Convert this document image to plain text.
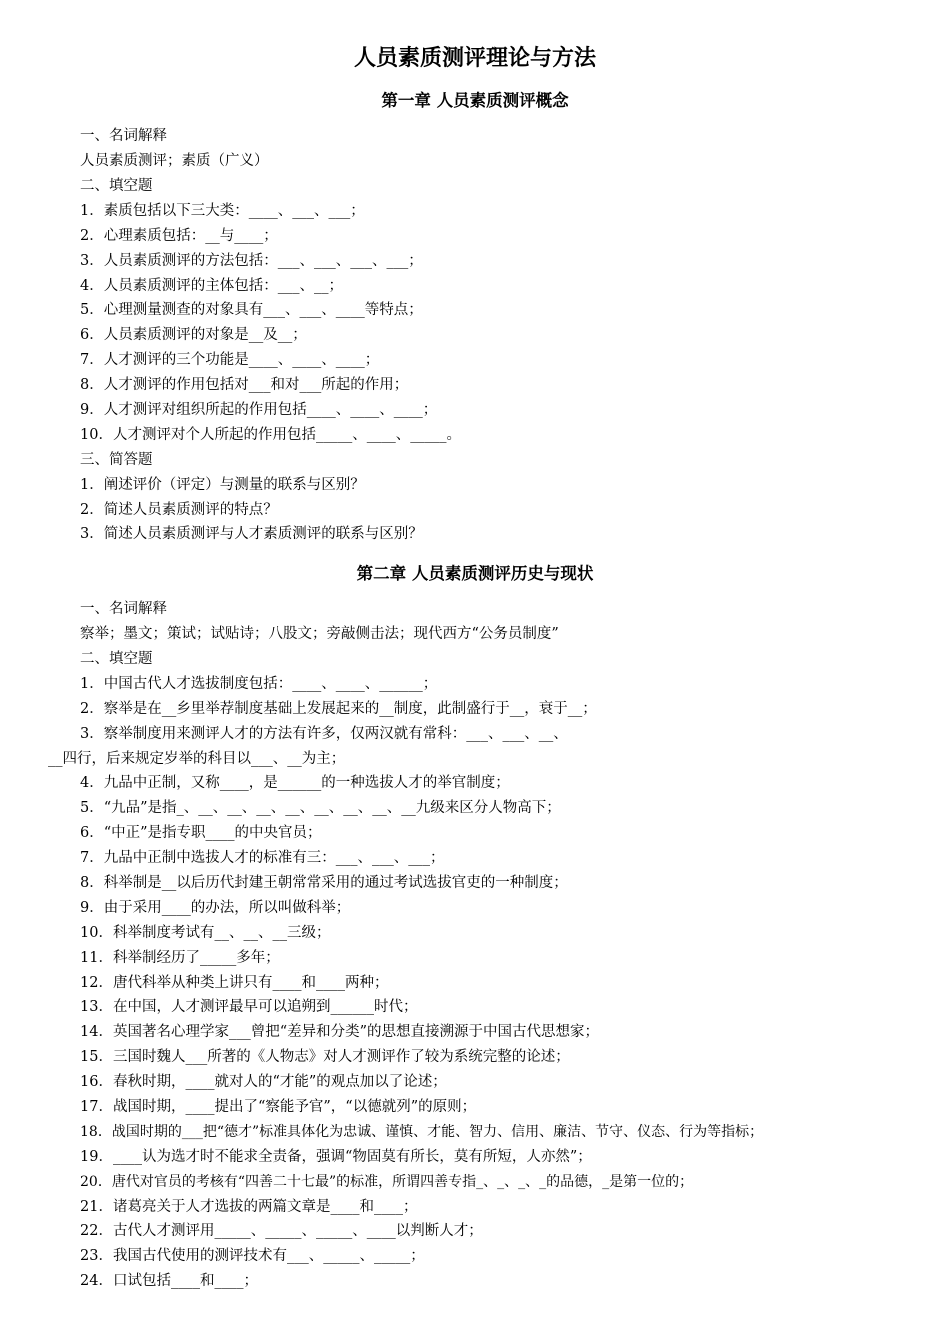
人员素质测评理论与方法
第一章 人员素质测评概念
一、名词解释
人员素质测评；素质（广义）
二、填空题
1．素质包括以下三大类：____、___、___；
2．心理素质包括：__与____；
3．人员素质测评的方法包括：___、___、___、___；
4．人员素质测评的主体包括：___、__；
5．心理测量测查的对象具有___、___、____等特点；
6．人员素质测评的对象是__及__；
7．人才测评的三个功能是____、____、____；
8．人才测评的作用包括对___和对___所起的作用；
9．人才测评对组织所起的作用包括____、____、____；
10．人才测评对个人所起的作用包括_____、____、_____。
三、简答题
1．阐述评价（评定）与测量的联系与区别？
2．简述人员素质测评的特点？
3．简述人员素质测评与人才素质测评的联系与区别？
第二章 人员素质测评历史与现状
一、名词解释
察举；墨文；策试；试贴诗；八股文；旁敲侧击法；现代西方“公务员制度”
二、填空题
1．中国古代人才选拔制度包括：____、____、______；
2．察举是在__乡里举荐制度基础上发展起来的__制度，此制盛行于__，衰于__；
3．察举制度用来测评人才的方法有许多，仅两汉就有常科：___、___、__、
__四行，后来规定岁举的科目以___、__为主；
4．九品中正制，又称____，是______的一种选拔人才的举官制度；
5．“九品”是指_、__、__、__、__、__、__、__、__九级来区分人物高下；
6．“中正”是指专职____的中央官员；
7．九品中正制中选拔人才的标准有三：___、___、___；
8．科举制是__以后历代封建王朝常常采用的通过考试选拔官吏的一种制度；
9．由于采用____的办法，所以叫做科举；
10．科举制度考试有__、__、__三级；
11．科举制经历了_____多年；
12．唐代科举从种类上讲只有____和____两种；
13．在中国，人才测评最早可以追朔到______时代；
14．英国著名心理学家___曾把“差异和分类”的思想直接溯源于中国古代思想家；
15．三国时魏人___所著的《人物志》对人才测评作了较为系统完整的论述；
16．春秋时期，____就对人的“才能”的观点加以了论述；
17．战国时期，____提出了“察能予官”，“以德就列”的原则；
18．战国时期的___把“德才”标准具体化为忠诚、谨慎、才能、智力、信用、廉洁、节守、仪态、行为等指标；
19．____认为选才时不能求全责备，强调“物固莫有所长，莫有所短，人亦然”；
20．唐代对官员的考核有“四善二十七最”的标准，所谓四善专指_、_、_、_的品德，_是第一位的；
21．诸葛亮关于人才选拔的两篇文章是____和____；
22．古代人才测评用_____、_____、_____、____以判断人才；
23．我国古代使用的测评技术有___、_____、_____；
24．口试包括____和____；
